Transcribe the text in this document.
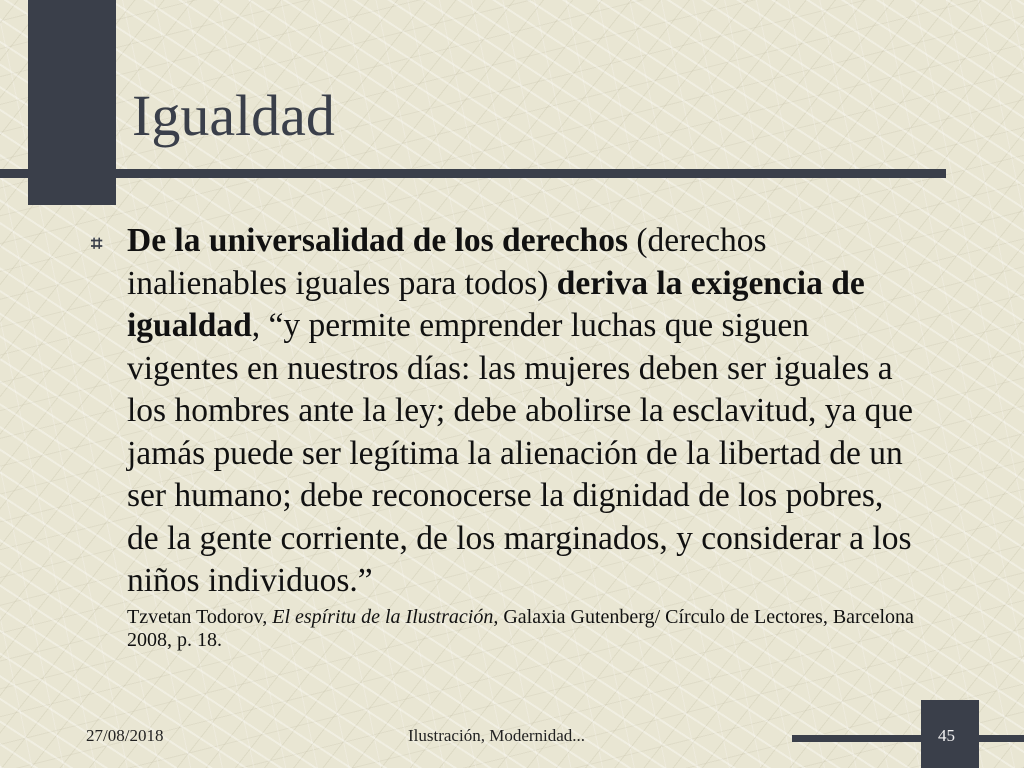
Igualdad
⌗ De la universalidad de los derechos (derechos inalienables iguales para todos) deriva la exigencia de igualdad, “y permite emprender luchas que siguen vigentes en nuestros días: las mujeres deben ser iguales a los hombres ante la ley; debe abolirse la esclavitud, ya que jamás puede ser legítima la alienación de la libertad de un ser humano; debe reconocerse la dignidad de los pobres, de la gente corriente, de los marginados, y considerar a los niños individuos.”
Tzvetan Todorov, El espíritu de la Ilustración, Galaxia Gutenberg/ Círculo de Lectores, Barcelona 2008, p. 18.
27/08/2018	Ilustración, Modernidad...	45
